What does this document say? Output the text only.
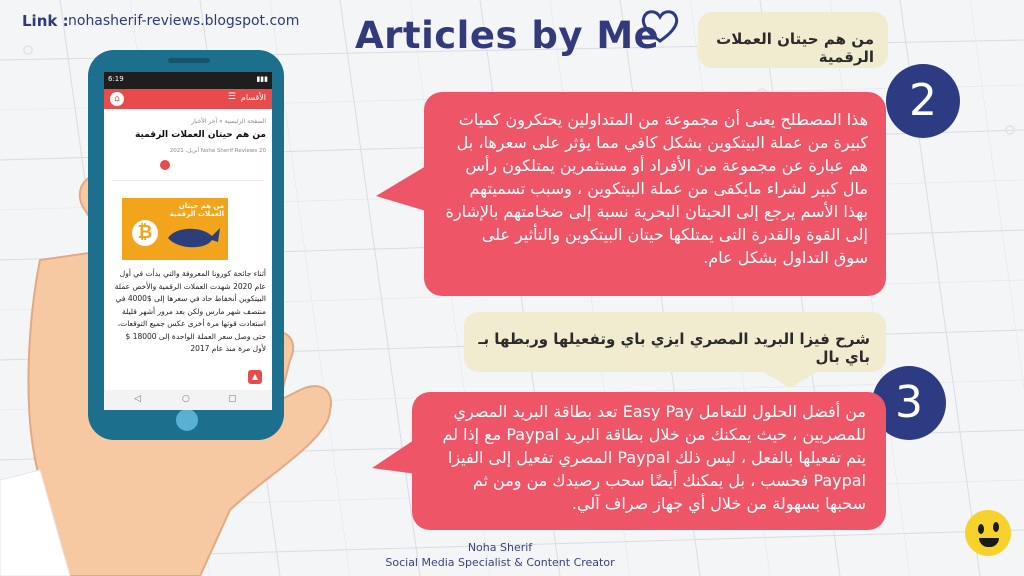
6:19	▮▮▮
⌂	الأقسام
☰
الصفحة الرئيسية » آخر الأخبار
من هم حيتان العملات الرقمية
Noha Sherif Reviews 20 أبريل، 2021
من هم حيتان العملات الرقمية
₿
أثناء جائحة كورونا المعروفة والتي بدأت في أول عام 2020 شهدت العملات الرقمية والأخص عملة البيتكوين أنخفاط حاد في سعرها إلى $4000 في منتصف شهر مارس ولكن بعد مرور أشهر قليلة استعادت قوتها مرة أخرى عكس جميع التوقعات، حتى وصل سعر العملة الواحدة إلى 18000 $ لأول مرة منذ عام 2017
▲
◁	○	▢
Link : nohasherif-reviews.blogspot.com Articles by Me	من هم حيتان العملات الرقمية
2
هذا المصطلح يعنى أن مجموعة من المتداولين يحتكرون كميات كبيرة من عملة البيتكوين بشكل كافي مما يؤثر على سعرها، بل هم عبارة عن مجموعة من الأفراد أو مستثمرين يمتلكون رأس مال كبير لشراء مايكفى من عملة البيتكوين ، وسبب تسميتهم بهذا الأسم يرجع إلى الحيتان البحرية نسبة إلى ضخامتهم بالإشارة إلى القوة والقدرة التى يمتلكها حيتان البيتكوين والتأثير على سوق التداول بشكل عام.
شرح فيزا البريد المصري ايزي باي وتفعيلها وربطها بـ باي بال
3
من أفضل الحلول للتعامل Easy Pay تعد بطاقة البريد المصري للمصريين ، حيث يمكنك من خلال بطاقة البريد Paypal مع إذا لم يتم تفعيلها بالفعل ، ليس ذلك Paypal المصري تفعيل إلى الفيزا Paypal فحسب ، بل يمكنك أيضًا سحب رصيدك من ومن ثم سحبها بسهولة من خلال أي جهاز صراف آلي.
Noha Sherif
Social Media Specialist & Content Creator
